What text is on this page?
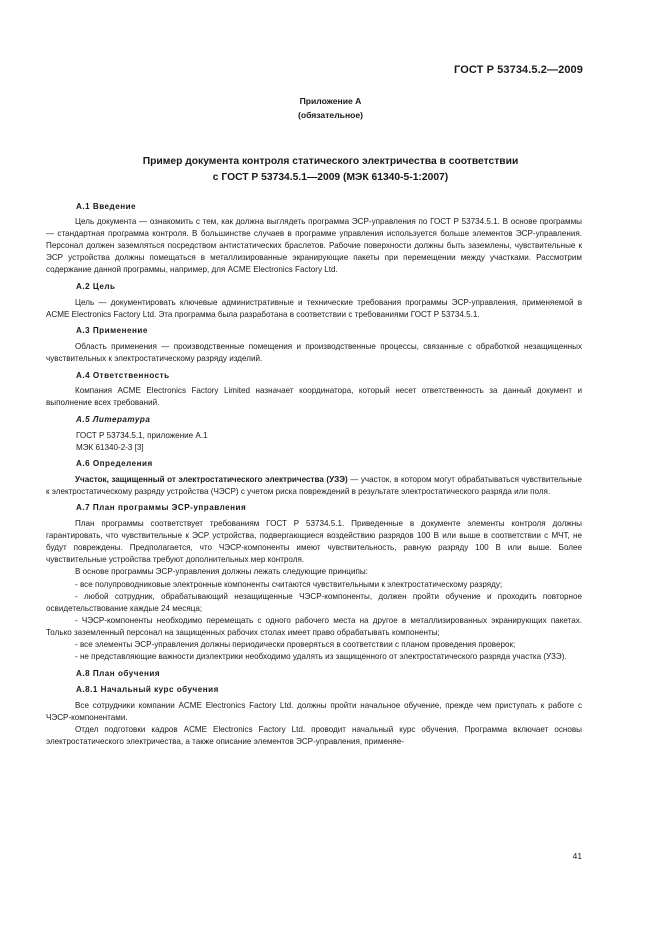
ГОСТ Р 53734.5.2—2009
Приложение А
(обязательное)
Пример документа контроля статического электричества в соответствии
с ГОСТ Р 53734.5.1—2009 (МЭК 61340-5-1:2007)
А.1 Введение
Цель документа — ознакомить с тем, как должна выглядеть программа ЭСР-управления по ГОСТ Р 53734.5.1. В основе программы — стандартная программа контроля. В большинстве случаев в программе управления используется больше элементов ЭСР-управления. Персонал должен заземляться посредством антистатических браслетов. Рабочие поверхности должны быть заземлены, чувствительные к ЭСР устройства должны помещаться в металлизированные экранирующие пакеты при перемещении между участками. Рассмотрим содержание данной программы, например, для ACME Electronics Factory Ltd.
А.2 Цель
Цель — документировать ключевые административные и технические требования программы ЭСР-управления, применяемой в ACME Electronics Factory Ltd. Эта программа была разработана в соответствии с требованиями ГОСТ Р 53734.5.1.
А.3 Применение
Область применения — производственные помещения и производственные процессы, связанные с обработкой незащищенных чувствительных к электростатическому разряду изделий.
А.4 Ответственность
Компания ACME Electronics Factory Limited назначает координатора, который несет ответственность за данный документ и выполнение всех требований.
А.5 Литература
ГОСТ Р 53734.5.1, приложение А.1
МЭК 61340-2-3 [3]
А.6 Определения
Участок, защищенный от электростатического электричества (УЗЭ) — участок, в котором могут обрабатываться чувствительные к электростатическому разряду устройства (ЧЭСР) с учетом риска повреждений в результате электростатического разряда или поля.
А.7 План программы ЭСР-управления
План программы соответствует требованиям ГОСТ Р 53734.5.1. Приведенные в документе элементы контроля должны гарантировать, что чувствительные к ЭСР устройства, подвергающиеся воздействию разрядов 100 В или выше в соответствии с МЧТ, не будут повреждены. Предполагается, что ЧЭСР-компоненты имеют чувствительность, равную разряду 100 В или выше. Более чувствительные устройства требуют дополнительных мер контроля.
В основе программы ЭСР-управления должны лежать следующие принципы:
- все полупроводниковые электронные компоненты считаются чувствительными к электростатическому разряду;
- любой сотрудник, обрабатывающий незащищенные ЧЭСР-компоненты, должен пройти обучение и проходить повторное освидетельствование каждые 24 месяца;
- ЧЭСР-компоненты необходимо перемещать с одного рабочего места на другое в металлизированных экранирующих пакетах. Только заземленный персонал на защищенных рабочих столах имеет право обрабатывать компоненты;
- все элементы ЭСР-управления должны периодически проверяться в соответствии с планом проведения проверок;
- не представляющие важности диэлектрики необходимо удалять из защищенного от электростатического разряда участка (УЗЭ).
А.8 План обучения
А.8.1 Начальный курс обучения
Все сотрудники компании ACME Electronics Factory Ltd. должны пройти начальное обучение, прежде чем приступать к работе с ЧЭСР-компонентами.
Отдел подготовки кадров ACME Electronics Factory Ltd. проводит начальный курс обучения. Программа включает основы электростатического электричества, а также описание элементов ЭСР-управления, применяе-
41
